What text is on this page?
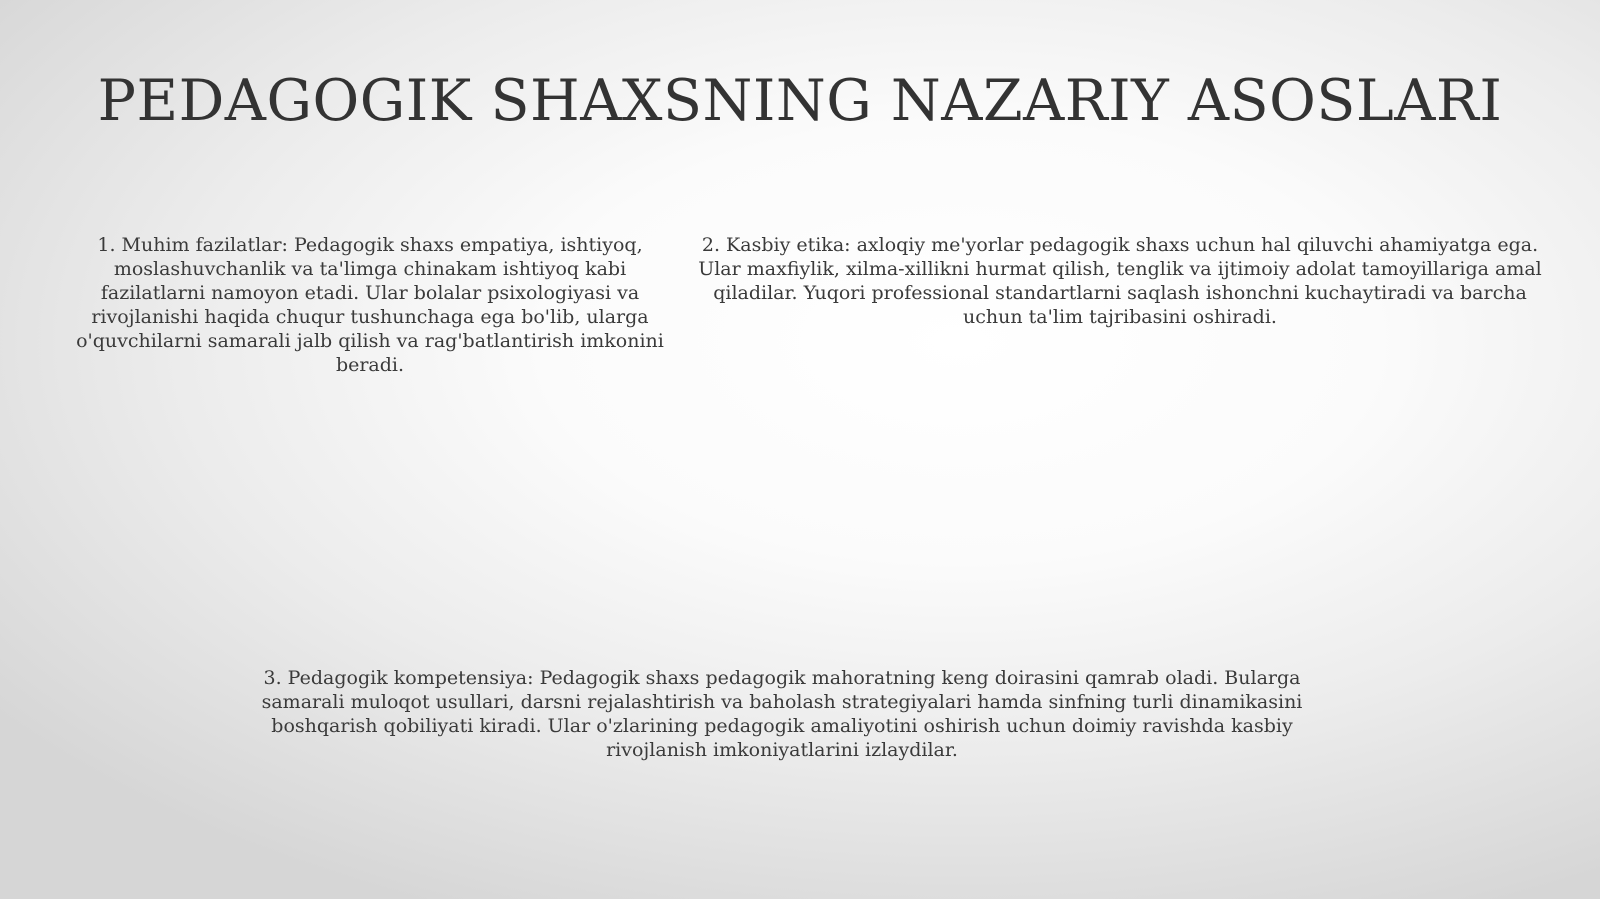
PEDAGOGIK SHAXSNING NAZARIY ASOSLARI

1. Muhim fazilatlar: Pedagogik shaxs empatiya, ishtiyoq, moslashuvchanlik va ta'limga chinakam ishtiyoq kabi fazilatlarni namoyon etadi. Ular bolalar psixologiyasi va rivojlanishi haqida chuqur tushunchaga ega bo'lib, ularga o'quvchilarni samarali jalb qilish va rag'batlantirish imkonini beradi.

2. Kasbiy etika: axloqiy me'yorlar pedagogik shaxs uchun hal qiluvchi ahamiyatga ega. Ular maxfiylik, xilma-xillikni hurmat qilish, tenglik va ijtimoiy adolat tamoyillariga amal qiladilar. Yuqori professional standartlarni saqlash ishonchni kuchaytiradi va barcha uchun ta'lim tajribasini oshiradi.

3. Pedagogik kompetensiya: Pedagogik shaxs pedagogik mahoratning keng doirasini qamrab oladi. Bularga samarali muloqot usullari, darsni rejalashtirish va baholash strategiyalari hamda sinfning turli dinamikasini boshqarish qobiliyati kiradi. Ular o'zlarining pedagogik amaliyotini oshirish uchun doimiy ravishda kasbiy rivojlanish imkoniyatlarini izlaydilar.
